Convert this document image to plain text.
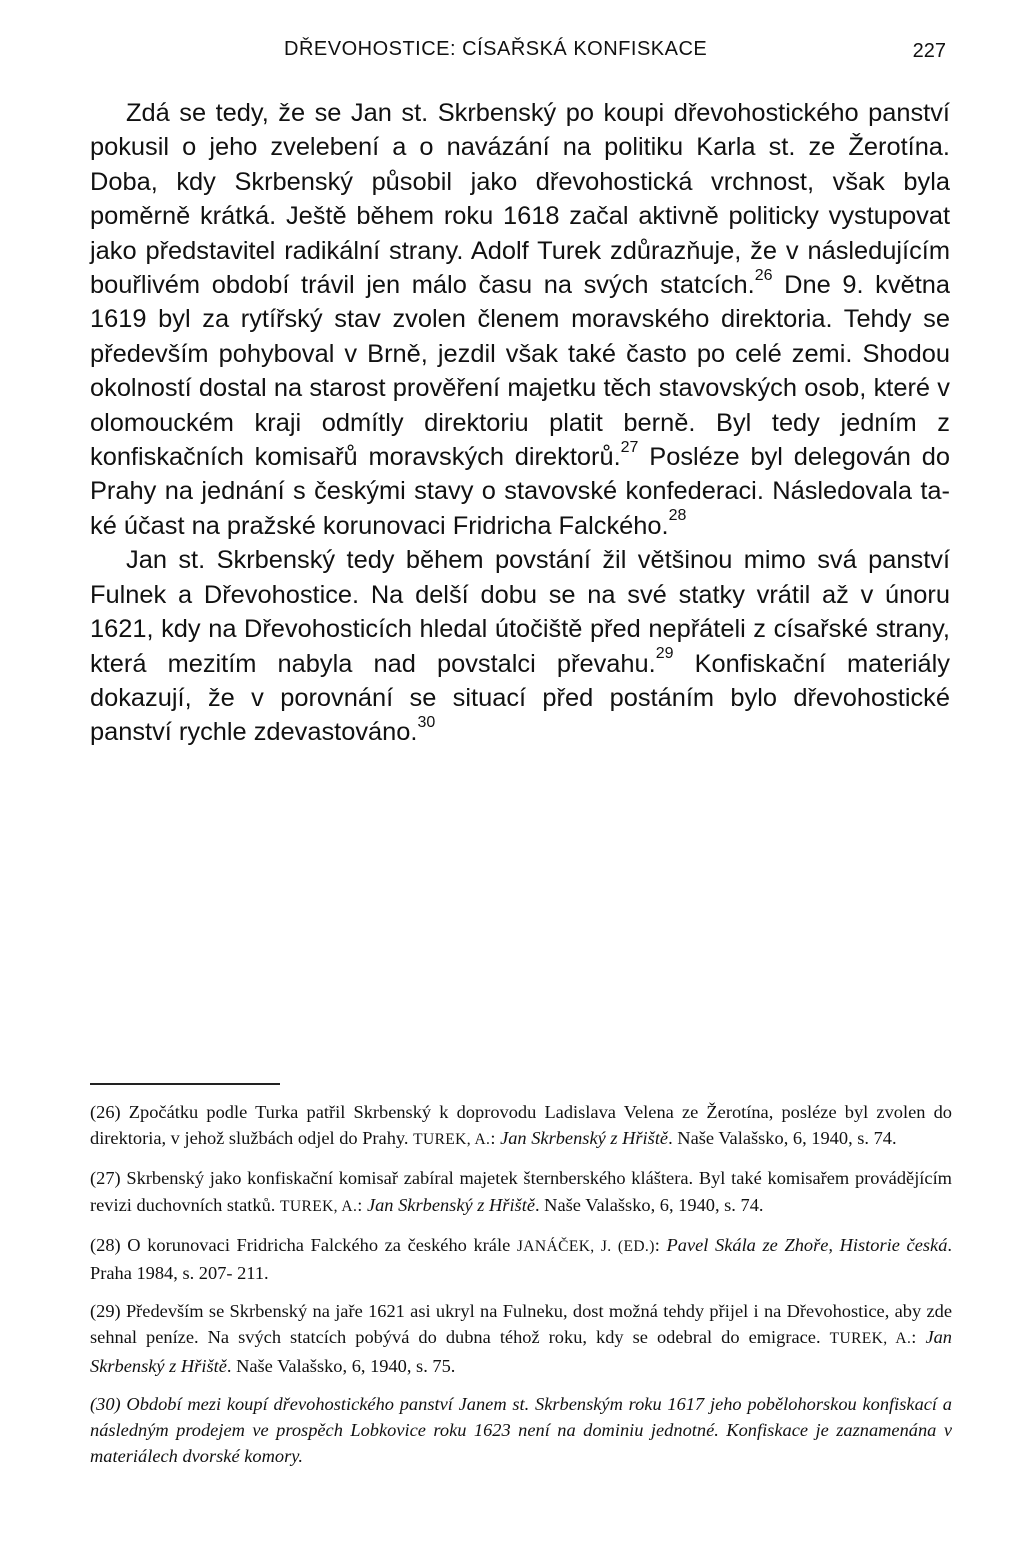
DŘEVOHOSTICE: CÍSAŘSKÁ KONFISKACE	227

Zdá se tedy, že se Jan st. Skrbenský po koupi dřevohostického panství pokusil o jeho zvelebení a o navázání na politiku Karla st. ze Žerotína. Doba, kdy Skrbenský působil jako dřevohostická vrchnost, však byla poměrně krátká. Ještě během roku 1618 začal aktivně politicky vystupovat jako představitel radikální strany. Adolf Turek zdůrazňuje, že v následujícím bouřlivém období trávil jen málo času na svých statcích.$^{26}$ Dne 9. května 1619 byl za rytířský stav zvolen členem moravského direktoria. Tehdy se především pohyboval v Brně, jezdil však také často po celé zemi. Shodou okolností dostal na starost prověření majetku těch stavovských osob, které v olomouckém kraji odmítly direktoriu platit berně. Byl tedy jedním z konfiskačních komisařů moravských direktorů.$^{27}$ Posléze byl delegován do Prahy na jednání s českými stavy o stavovské konfederaci. Následovala také účast na pražské korunovaci Fridricha Falckého.$^{28}$

Jan st. Skrbenský tedy během povstání žil většinou mimo svá panství Fulnek a Dřevohostice. Na delší dobu se na své statky vrátil až v únoru 1621, kdy na Dřevohosticích hledal útočiště před nepřáteli z císařské strany, která mezitím nabyla nad povstalci převahu.$^{29}$ Konfiskační materiály dokazují, že v porovnání se situací před postáním bylo dřevohostické panství rychle zdevastováno.$^{30}$

(26) Zpočátku podle Turka patřil Skrbenský k doprovodu Ladislava Velena ze Žerotína, posléze byl zvolen do direktoria, v jehož službách odjel do Prahy. TUREK, A.: Jan Skrbenský z Hřiště. Naše Valašsko, 6, 1940, s. 74.

(27) Skrbenský jako konfiskační komisař zabíral majetek šternberského kláštera. Byl také komisařem provádějícím revizi duchovních statků. TUREK, A.: Jan Skrbenský z Hřiště. Naše Valašsko, 6, 1940, s. 74.

(28) O korunovaci Fridricha Falckého za českého krále JANÁČEK, J. (ED.): Pavel Skála ze Zhoře, Historie česká. Praha 1984, s. 207- 211.

(29) Především se Skrbenský na jaře 1621 asi ukryl na Fulneku, dost možná tehdy přijel i na Dřevohostice, aby zde sehnal peníze. Na svých statcích pobývá do dubna téhož roku, kdy se odebral do emigrace. TUREK, A.: Jan Skrbenský z Hřiště. Naše Valašsko, 6, 1940, s. 75.

(30) Období mezi koupí dřevohostického panství Janem st. Skrbenským roku 1617 jeho pobělohorskou konfiskací a následným prodejem ve prospěch Lobkovice roku 1623 není na dominiu jednotné. Konfiskace je zaznamenána v materiálech dvorské komory.
